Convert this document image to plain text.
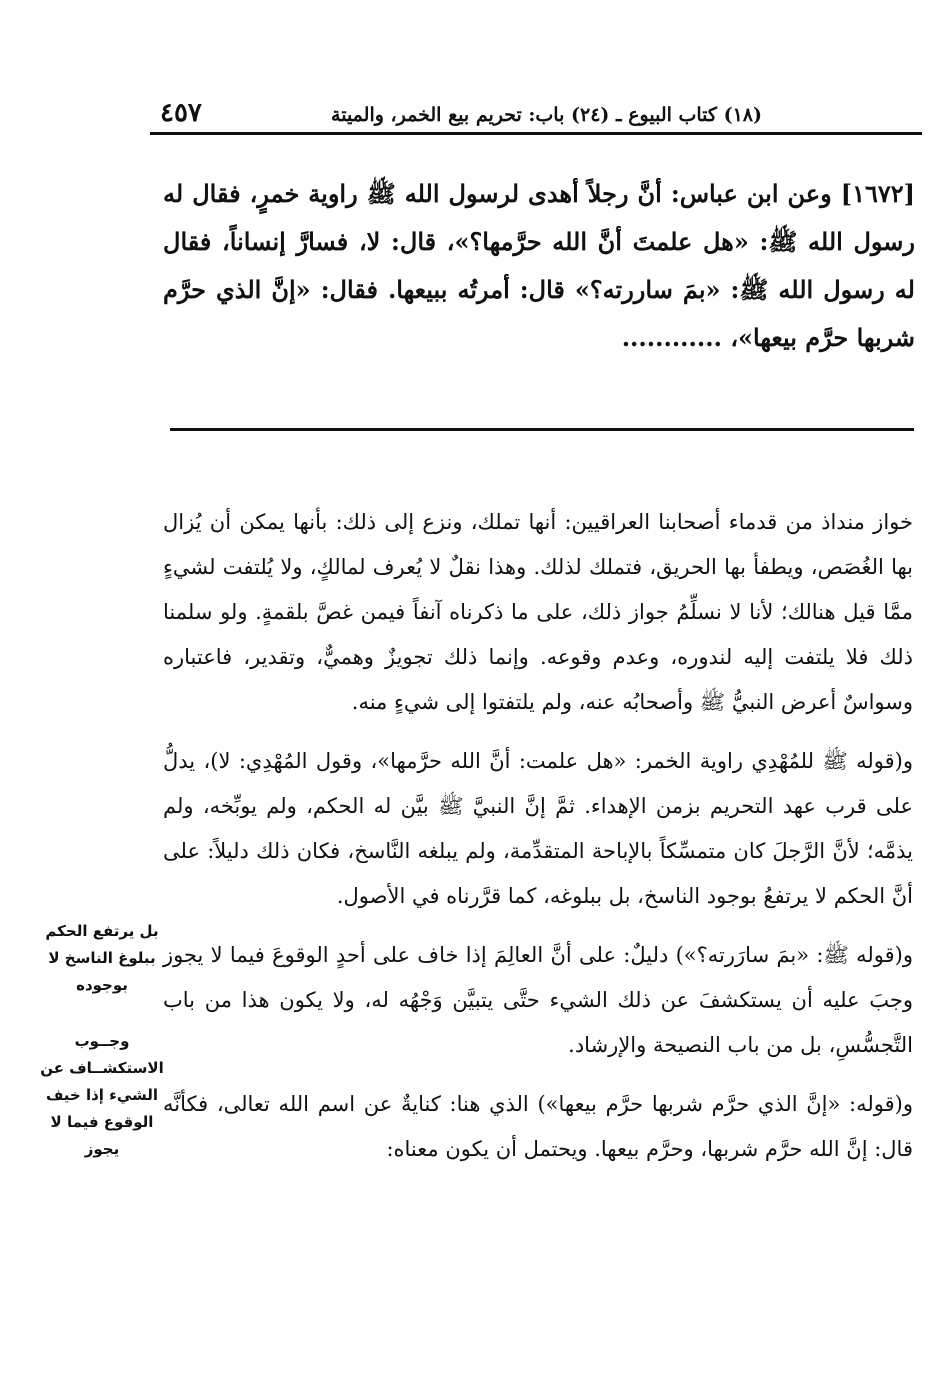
(١٨) كتاب البيوع ـ (٢٤) باب: تحريم بيع الخمر، والميتة
٤٥٧

[١٦٧٢] وعن ابن عباس: أنَّ رجلاً أهدى لرسول الله ﷺ راوية خمرٍ، فقال له رسول الله ﷺ: «هل علمتَ أنَّ الله حرَّمها؟»، قال: لا، فسارَّ إنساناً، فقال له رسول الله ﷺ: «بمَ ساررته؟» قال: أمرتُه ببيعها. فقال: «إنَّ الذي حرَّم شربها حرَّم بيعها»، ............

خواز منداذ من قدماء أصحابنا العراقيين: أنها تملك، ونزع إلى ذلك: بأنها يمكن أن يُزال بها الغُصَص، ويطفأ بها الحريق، فتملك لذلك. وهذا نقلٌ لا يُعرف لمالكٍ، ولا يُلتفت لشيءٍ ممَّا قيل هنالك؛ لأنا لا نسلِّمُ جواز ذلك، على ما ذكرناه آنفاً فيمن غصَّ بلقمةٍ. ولو سلمنا ذلك فلا يلتفت إليه لندوره، وعدم وقوعه. وإنما ذلك تجويزٌ وهميٌّ، وتقدير، فاعتباره وسواسٌ أعرض النبيُّ ﷺ وأصحابُه عنه، ولم يلتفتوا إلى شيءٍ منه.

و(قوله ﷺ للمُهْدِي راوية الخمر: «هل علمت: أنَّ الله حرَّمها»، وقول المُهْدِي: لا)، يدلُّ على قرب عهد التحريم بزمن الإهداء. ثمَّ إنَّ النبيَّ ﷺ بيَّن له الحكم، ولم يوبِّخه، ولم يذمَّه؛ لأنَّ الرَّجلَ كان متمسِّكاً بالإباحة المتقدِّمة، ولم يبلغه النَّاسخ، فكان ذلك دليلاً: على أنَّ الحكم لا يرتفعُ بوجود الناسخ، بل ببلوغه، كما قرَّرناه في الأصول.

و(قوله ﷺ: «بمَ سارَرته؟») دليلٌ: على أنَّ العالِمَ إذا خاف على أحدٍ الوقوعَ فيما لا يجوز وجبَ عليه أن يستكشفَ عن ذلك الشيء حتَّى يتبيَّن وَجْهُه له، ولا يكون هذا من باب التَّجسُّسِ، بل من باب النصيحة والإرشاد.

و(قوله: «إنَّ الذي حرَّم شربها حرَّم بيعها») الذي هنا: كنايةٌ عن اسم الله تعالى، فكأنَّه قال: إنَّ الله حرَّم شربها، وحرَّم بيعها. ويحتمل أن يكون معناه:

بل يرتفع الحكم ببلوغ الناسخ لا بوجوده
وجــوب الاستكشــاف عن الشيء إذا خيف الوقوع فيما لا يجوز
